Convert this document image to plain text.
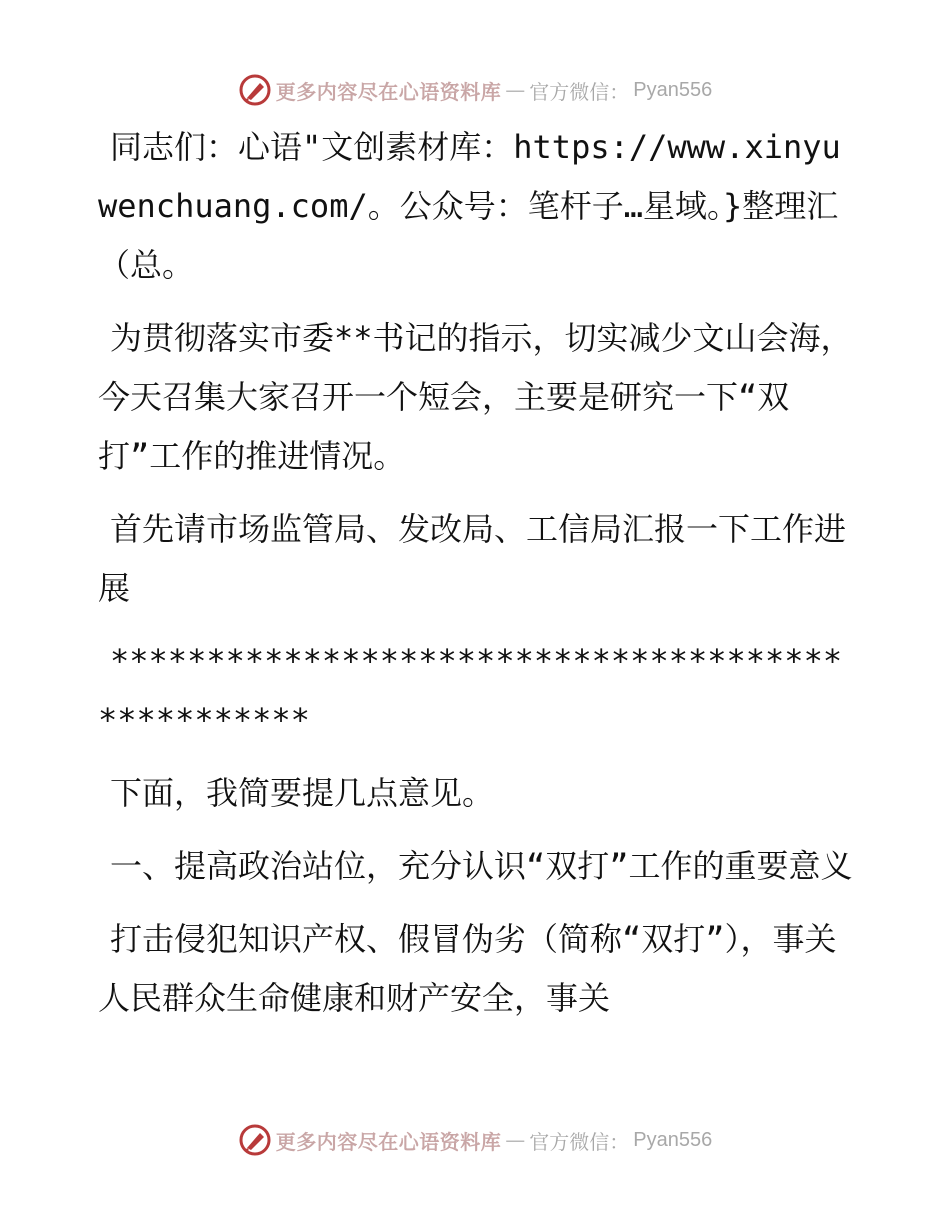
更多内容尽在心语资料库 — 官方微信： Pyan556

同志们：心语"文创素材库：https://www.xinyuwenchuang.com/。公众号：笔杆子…星域。}整理汇（总。

为贯彻落实市委**书记的指示，切实减少文山会海，今天召集大家召开一个短会，主要是研究一下“双打”工作的推进情况。

首先请市场监管局、发改局、工信局汇报一下工作进展

*************************************************

下面，我简要提几点意见。

一、提高政治站位，充分认识“双打”工作的重要意义

打击侵犯知识产权、假冒伪劣（简称“双打”），事关人民群众生命健康和财产安全，事关

更多内容尽在心语资料库 — 官方微信： Pyan556
